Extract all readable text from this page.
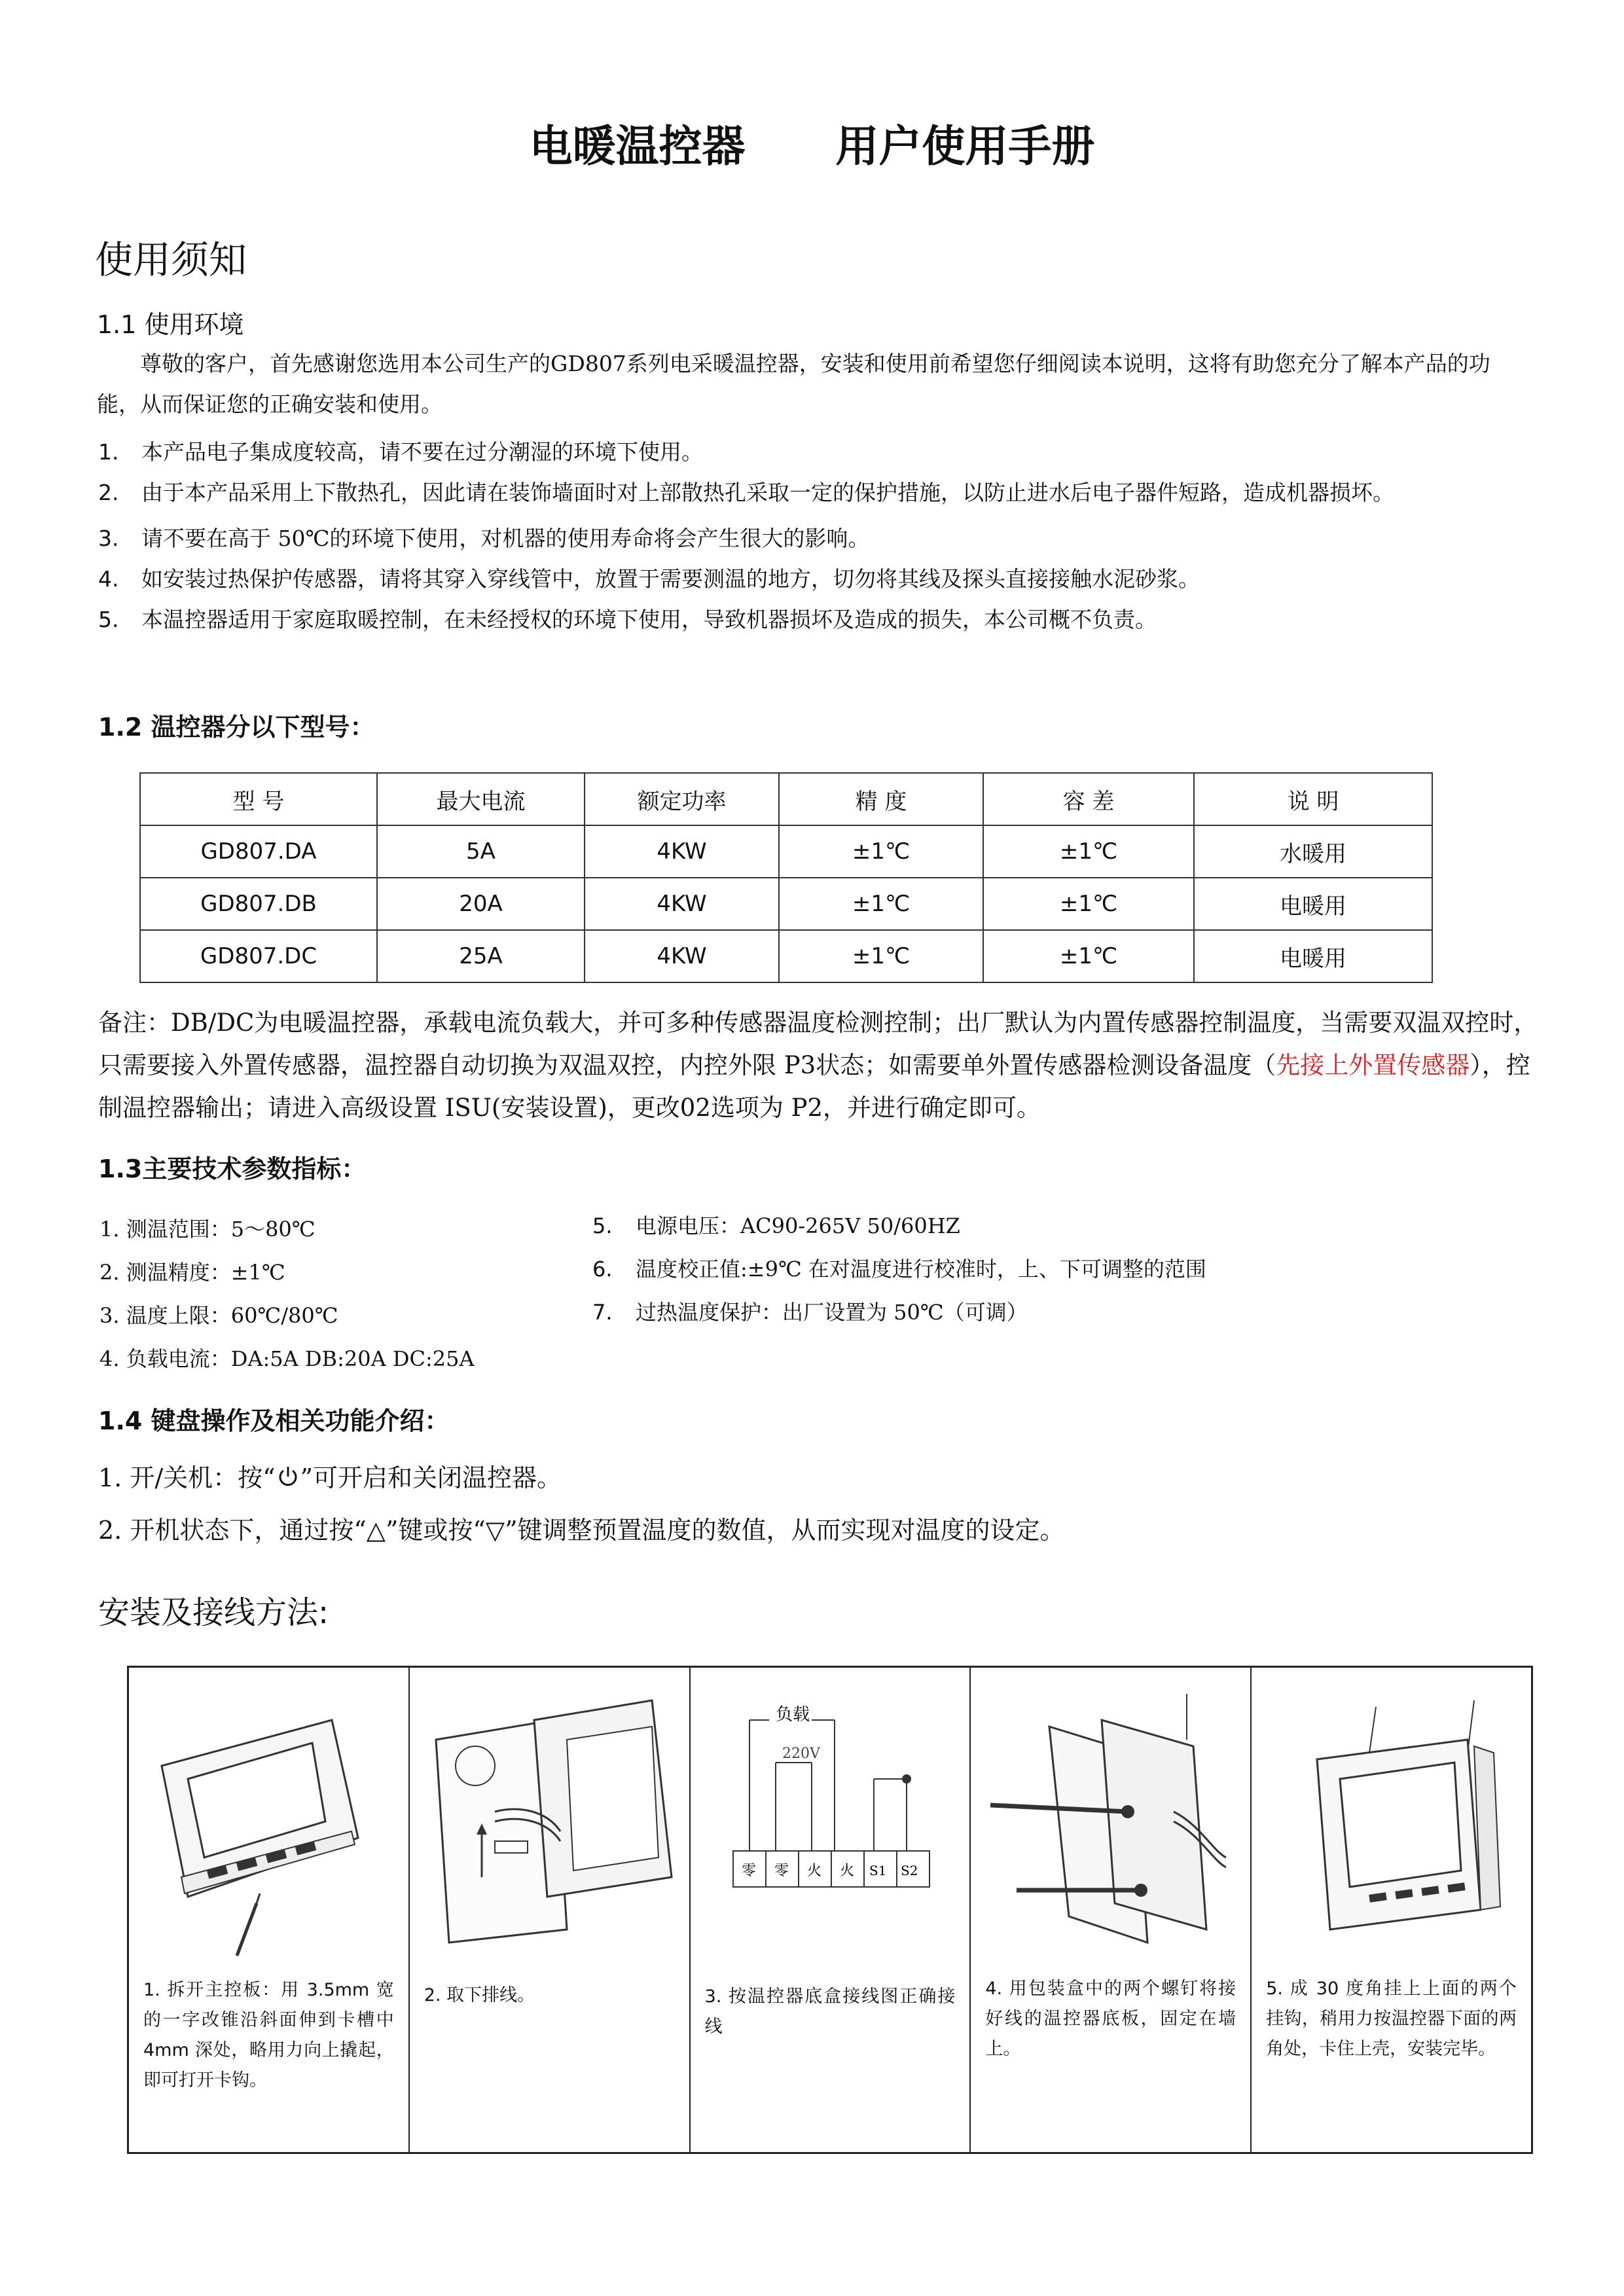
电暖温控器      用户使用手册
使用须知
1.1 使用环境
尊敬的客户，首先感谢您选用本公司生产的GD807系列电采暖温控器，安装和使用前希望您仔细阅读本说明，这将有助您充分了解本产品的功能，从而保证您的正确安装和使用。
1.	本产品电子集成度较高，请不要在过分潮湿的环境下使用。
2. 由于本产品采用上下散热孔，因此请在装饰墙面时对上部散热孔采取一定的保护措施，以防止进水后电子器件短路，造成机器损坏。
3.	请不要在高于 50℃的环境下使用，对机器的使用寿命将会产生很大的影响。
4.	如安装过热保护传感器，请将其穿入穿线管中，放置于需要测温的地方，切勿将其线及探头直接接触水泥砂浆。
5.	本温控器适用于家庭取暖控制，在未经授权的环境下使用，导致机器损坏及造成的损失，本公司概不负责。
1.2 温控器分以下型号：
型 号	最大电流	额定功率	精 度	容 差	说 明
GD807.DA	5A	4KW	±1℃	±1℃	水暖用
GD807.DB	20A	4KW	±1℃	±1℃	电暖用
GD807.DC	25A	4KW	±1℃	±1℃	电暖用
备注：DB/DC为电暖温控器，承载电流负载大，并可多种传感器温度检测控制；出厂默认为内置传感器控制温度，当需要双温双控时，只需要接入外置传感器，温控器自动切换为双温双控，内控外限 P3状态；如需要单外置传感器检测设备温度（先接上外置传感器），控制温控器输出；请进入高级设置 ISU(安装设置)，更改02选项为 P2，并进行确定即可。
1.3主要技术参数指标：
1. 测温范围：5～80℃
2. 测温精度：±1℃
3. 温度上限：60℃/80℃
4. 负载电流：DA:5A DB:20A DC:25A
5.	电源电压：AC90-265V 50/60HZ
6.	温度校正值:±9℃ 在对温度进行校准时，上、下可调整的范围
7.	过热温度保护：出厂设置为 50℃（可调）
1.4 键盘操作及相关功能介绍：
1. 开/关机：按“ ”可开启和关闭温控器。
2. 开机状态下，通过按“△”键或按“▽”键调整预置温度的数值，从而实现对温度的设定。
安装及接线方法:
1. 拆开主控板：用 3.5mm 宽的一字改锥沿斜面伸到卡槽中 4mm 深处，略用力向上撬起，即可打开卡钩。
2. 取下排线。
负载
220V
零 零 火 火 S1 S2
3. 按温控器底盒接线图正确接线
4. 用包装盒中的两个螺钉将接好线的温控器底板，固定在墙上。
5. 成 30 度角挂上上面的两个挂钩，稍用力按温控器下面的两角处，卡住上壳，安装完毕。
